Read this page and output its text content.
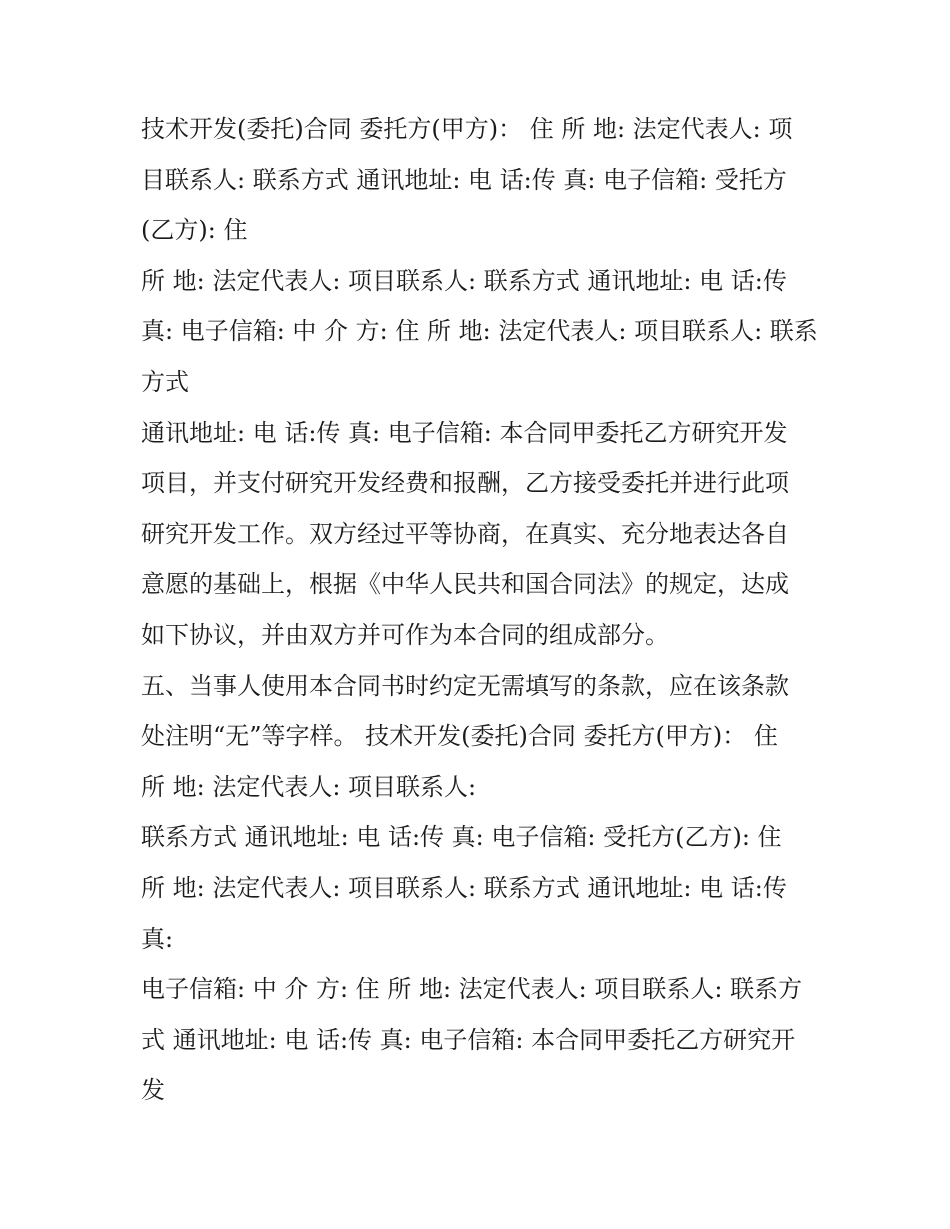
技术开发(委托)合同 委托方(甲方)： 住 所 地: 法定代表人: 项
目联系人: 联系方式 通讯地址: 电 话:传 真: 电子信箱: 受托方
(乙方): 住
所 地: 法定代表人: 项目联系人: 联系方式 通讯地址: 电 话:传
真: 电子信箱: 中 介 方: 住 所 地: 法定代表人: 项目联系人: 联系
方式
通讯地址: 电 话:传 真: 电子信箱: 本合同甲委托乙方研究开发
项目，并支付研究开发经费和报酬，乙方接受委托并进行此项
研究开发工作。双方经过平等协商，在真实、充分地表达各自
意愿的基础上，根据《中华人民共和国合同法》的规定，达成
如下协议，并由双方并可作为本合同的组成部分。
五、当事人使用本合同书时约定无需填写的条款，应在该条款
处注明“无”等字样。 技术开发(委托)合同 委托方(甲方)： 住
所 地: 法定代表人: 项目联系人:
联系方式 通讯地址: 电 话:传 真: 电子信箱: 受托方(乙方): 住
所 地: 法定代表人: 项目联系人: 联系方式 通讯地址: 电 话:传
真:
电子信箱: 中 介 方: 住 所 地: 法定代表人: 项目联系人: 联系方
式 通讯地址: 电 话:传 真: 电子信箱: 本合同甲委托乙方研究开
发
